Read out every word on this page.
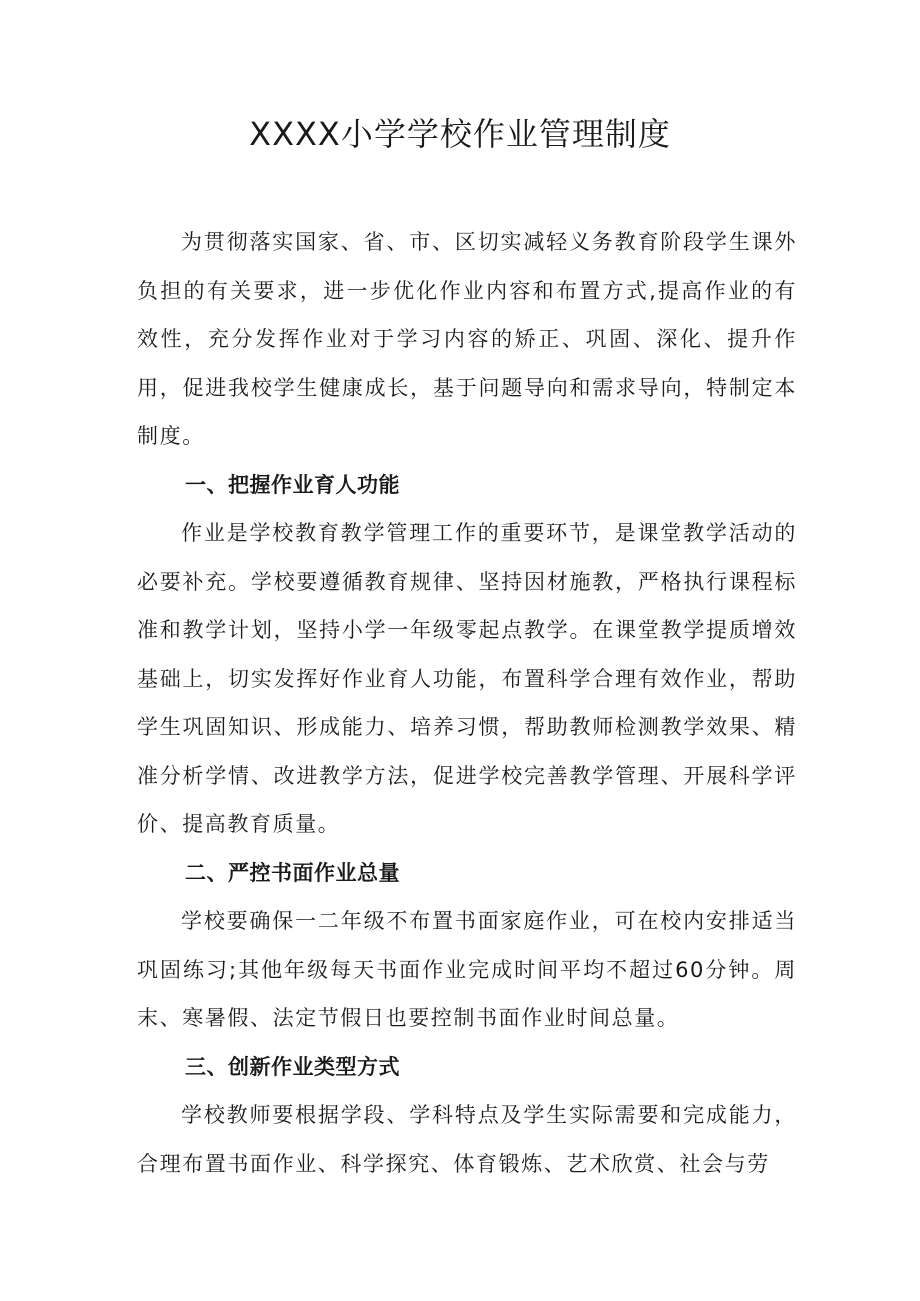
XXXX小学学校作业管理制度

为贯彻落实国家、省、市、区切实减轻义务教育阶段学生课外负担的有关要求，进一步优化作业内容和布置方式,提高作业的有效性，充分发挥作业对于学习内容的矫正、巩固、深化、提升作用，促进我校学生健康成长，基于问题导向和需求导向，特制定本制度。

一、把握作业育人功能

作业是学校教育教学管理工作的重要环节，是课堂教学活动的必要补充。学校要遵循教育规律、坚持因材施教，严格执行课程标准和教学计划，坚持小学一年级零起点教学。在课堂教学提质增效基础上，切实发挥好作业育人功能，布置科学合理有效作业，帮助学生巩固知识、形成能力、培养习惯，帮助教师检测教学效果、精准分析学情、改进教学方法，促进学校完善教学管理、开展科学评价、提高教育质量。

二、严控书面作业总量

学校要确保一二年级不布置书面家庭作业，可在校内安排适当巩固练习;其他年级每天书面作业完成时间平均不超过60分钟。周末、寒暑假、法定节假日也要控制书面作业时间总量。

三、创新作业类型方式

学校教师要根据学段、学科特点及学生实际需要和完成能力，合理布置书面作业、科学探究、体育锻炼、艺术欣赏、社会与劳
